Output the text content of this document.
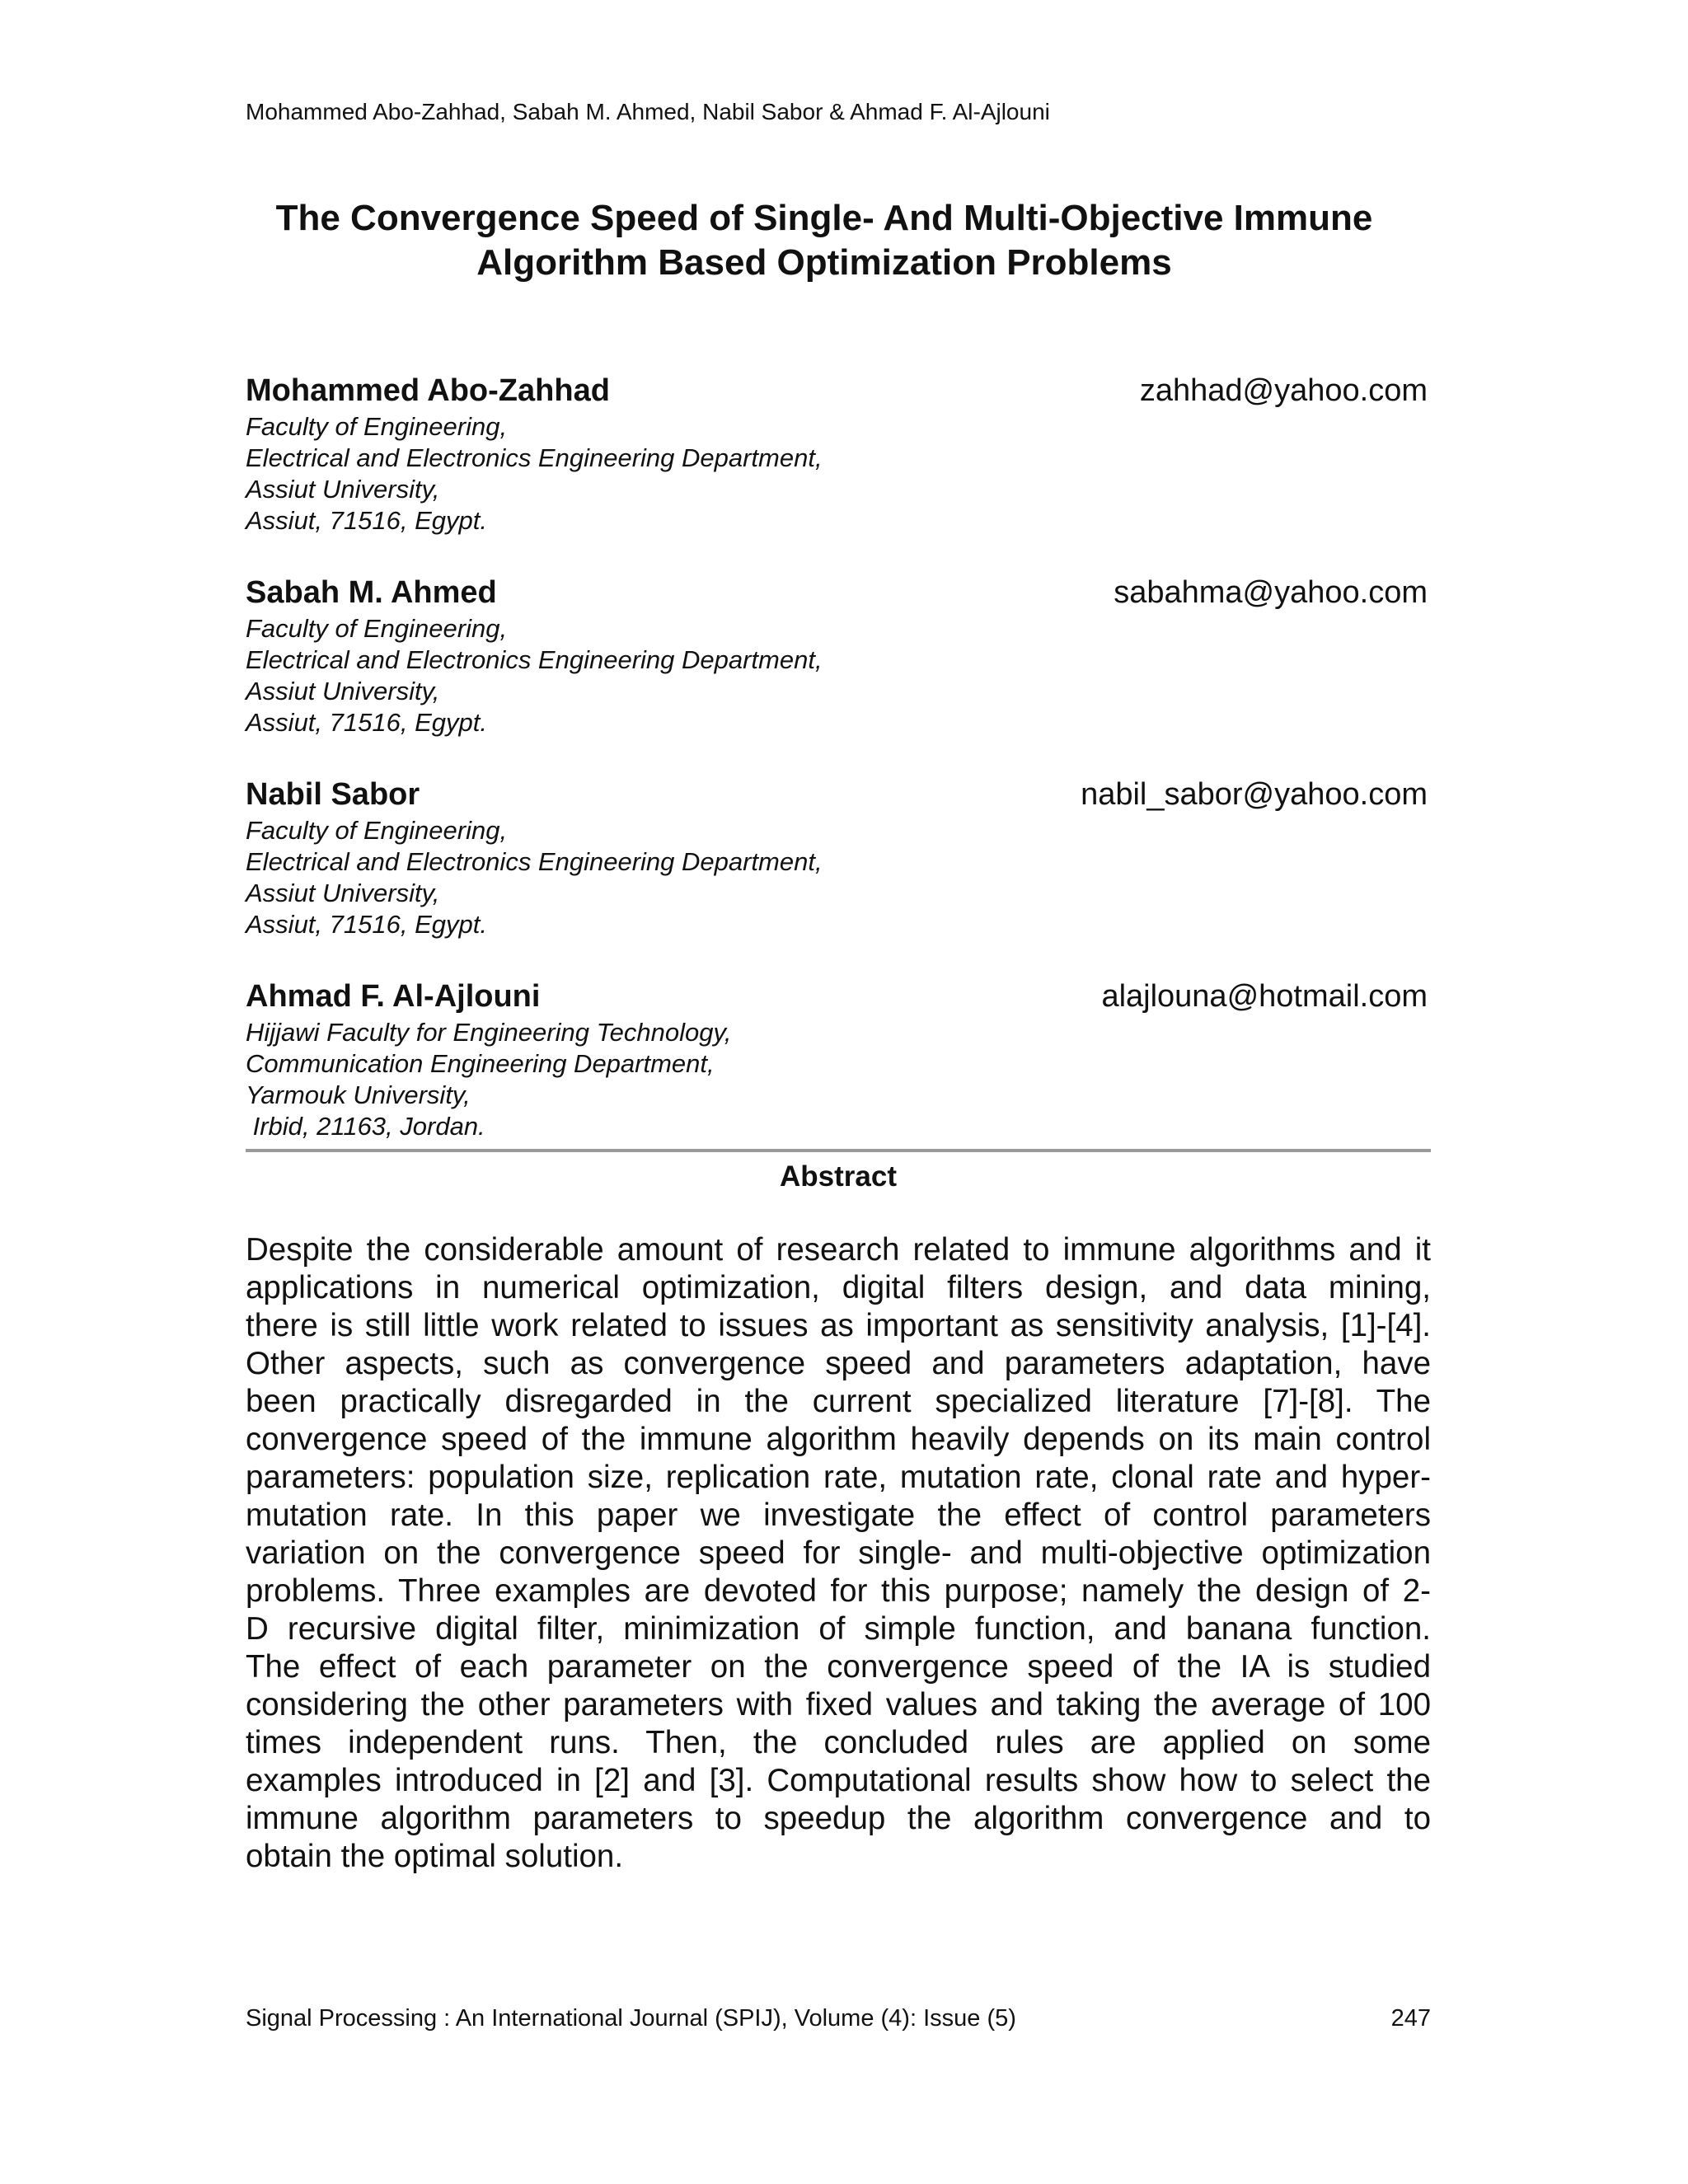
Mohammed Abo-Zahhad, Sabah M. Ahmed, Nabil Sabor & Ahmad F. Al-Ajlouni
The Convergence Speed of Single- And Multi-Objective Immune
Algorithm Based Optimization Problems
Mohammed Abo-Zahhad	zahhad@yahoo.com
Faculty of Engineering,
Electrical and Electronics Engineering Department,
Assiut University,
Assiut, 71516, Egypt.
Sabah M. Ahmed	sabahma@yahoo.com
Faculty of Engineering,
Electrical and Electronics Engineering Department,
Assiut University,
Assiut, 71516, Egypt.
Nabil Sabor	nabil_sabor@yahoo.com
Faculty of Engineering,
Electrical and Electronics Engineering Department,
Assiut University,
Assiut, 71516, Egypt.
Ahmad F. Al-Ajlouni	alajlouna@hotmail.com
Hijjawi Faculty for Engineering Technology,
Communication Engineering Department,
Yarmouk University,
Irbid, 21163, Jordan.
Abstract
Despite the considerable amount of research related to immune algorithms and it
applications in numerical optimization, digital filters design, and data mining,
there is still little work related to issues as important as sensitivity analysis, [1]-[4].
Other aspects, such as convergence speed and parameters adaptation, have
been practically disregarded in the current specialized literature [7]-[8]. The
convergence speed of the immune algorithm heavily depends on its main control
parameters: population size, replication rate, mutation rate, clonal rate and hyper-
mutation rate. In this paper we investigate the effect of control parameters
variation on the convergence speed for single- and multi-objective optimization
problems. Three examples are devoted for this purpose; namely the design of 2-
D recursive digital filter, minimization of simple function, and banana function.
The effect of each parameter on the convergence speed of the IA is studied
considering the other parameters with fixed values and taking the average of 100
times independent runs. Then, the concluded rules are applied on some
examples introduced in [2] and [3]. Computational results show how to select the
immune algorithm parameters to speedup the algorithm convergence and to
obtain the optimal solution.
Signal Processing : An International Journal (SPIJ), Volume (4): Issue (5)	247
